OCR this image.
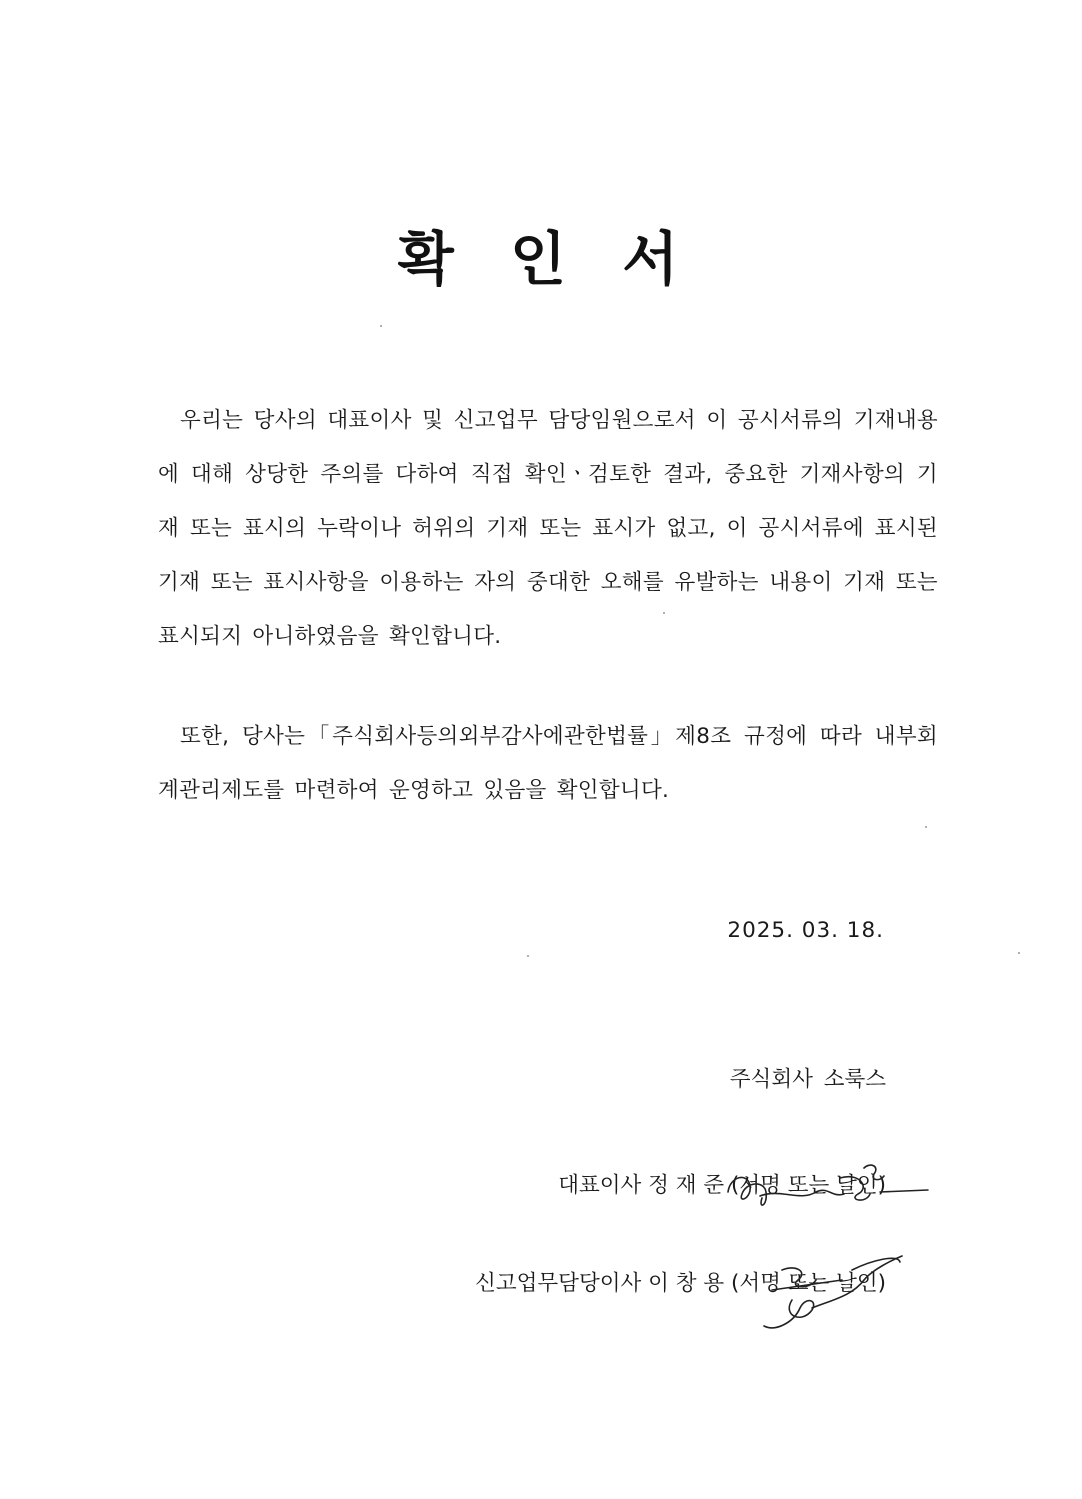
확 인 서

우리는 당사의 대표이사 및 신고업무 담당임원으로서 이 공시서류의 기재내용에 대해 상당한 주의를 다하여 직접 확인ㆍ검토한 결과, 중요한 기재사항의 기재 또는 표시의 누락이나 허위의 기재 또는 표시가 없고, 이 공시서류에 표시된 기재 또는 표시사항을 이용하는 자의 중대한 오해를 유발하는 내용이 기재 또는 표시되지 아니하였음을 확인합니다.

또한, 당사는「주식회사등의외부감사에관한법률」제8조 규정에 따라 내부회계관리제도를 마련하여 운영하고 있음을 확인합니다.

2025. 03. 18.
주식회사 소룩스
대표이사 정 재 준 (서명 또는 날인)
신고업무담당이사 이 창 용 (서명 또는 날인)
